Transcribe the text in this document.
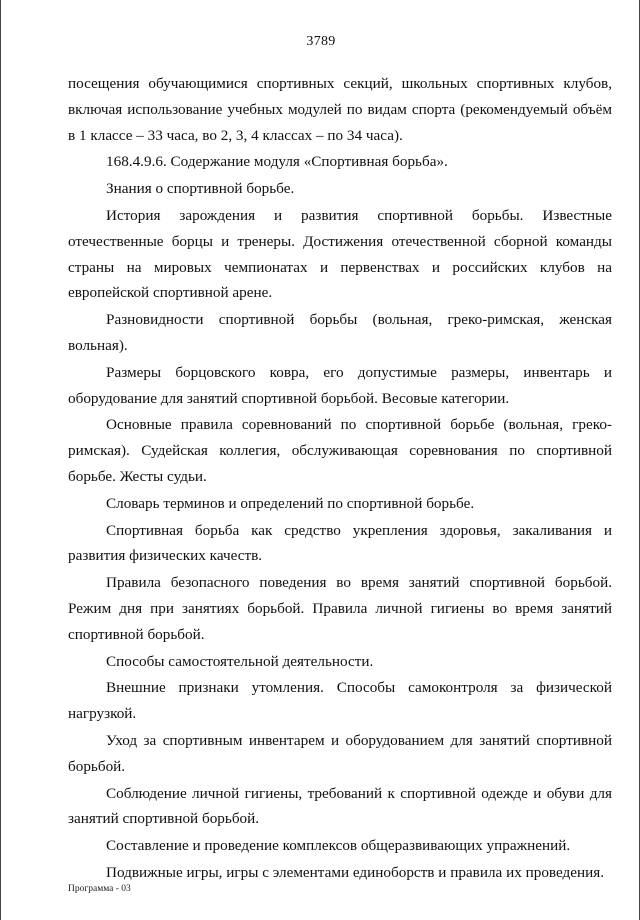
3789

посещения обучающимися спортивных секций, школьных спортивных клубов, включая использование учебных модулей по видам спорта (рекомендуемый объём в 1 классе – 33 часа, во 2, 3, 4 классах – по 34 часа).

168.4.9.6. Содержание модуля «Спортивная борьба».

Знания о спортивной борьбе.

История зарождения и развития спортивной борьбы. Известные отечественные борцы и тренеры. Достижения отечественной сборной команды страны на мировых чемпионатах и первенствах и российских клубов на европейской спортивной арене.

Разновидности спортивной борьбы (вольная, греко-римская, женская вольная).

Размеры борцовского ковра, его допустимые размеры, инвентарь и оборудование для занятий спортивной борьбой. Весовые категории.

Основные правила соревнований по спортивной борьбе (вольная, греко-римская). Судейская коллегия, обслуживающая соревнования по спортивной борьбе. Жесты судьи.

Словарь терминов и определений по спортивной борьбе.

Спортивная борьба как средство укрепления здоровья, закаливания и развития физических качеств.

Правила безопасного поведения во время занятий спортивной борьбой. Режим дня при занятиях борьбой. Правила личной гигиены во время занятий спортивной борьбой.

Способы самостоятельной деятельности.

Внешние признаки утомления. Способы самоконтроля за физической нагрузкой.

Уход за спортивным инвентарем и оборудованием для занятий спортивной борьбой.

Соблюдение личной гигиены, требований к спортивной одежде и обуви для занятий спортивной борьбой.

Составление и проведение комплексов общеразвивающих упражнений.

Подвижные игры, игры с элементами единоборств и правила их проведения.

Программа - 03
